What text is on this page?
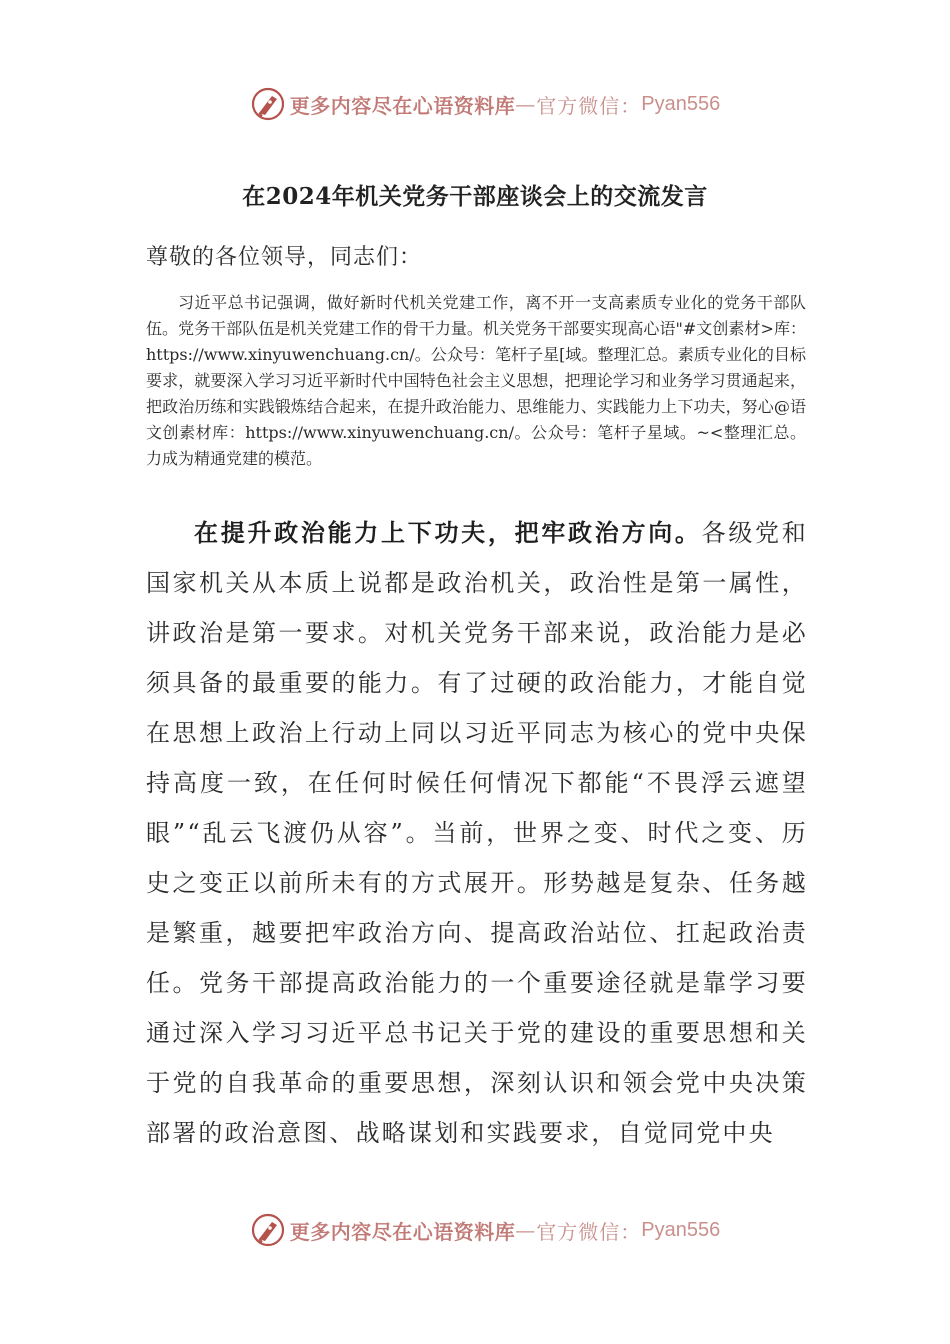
更多内容尽在心语资料库 — 官方微信： Pyan556
在2024年机关党务干部座谈会上的交流发言
尊敬的各位领导，同志们：

习近平总书记强调，做好新时代机关党建工作，离不开一支高素质专业化的党务干部队伍。党务干部队伍是机关党建工作的骨干力量。机关党务干部要实现高心语"#文创素材>库：https://www.xinyuwenchuang.cn/。公众号：笔杆子星[域。整理汇总。素质专业化的目标要求，就要深入学习习近平新时代中国特色社会主义思想，把理论学习和业务学习贯通起来，把政治历练和实践锻炼结合起来，在提升政治能力、思维能力、实践能力上下功夫，努心@语文创素材库：https://www.xinyuwenchuang.cn/。公众号：笔杆子星域。~<整理汇总。力成为精通党建的模范。

在提升政治能力上下功夫，把牢政治方向。各级党和国家机关从本质上说都是政治机关，政治性是第一属性，讲政治是第一要求。对机关党务干部来说，政治能力是必须具备的最重要的能力。有了过硬的政治能力，才能自觉在思想上政治上行动上同以习近平同志为核心的党中央保持高度一致，在任何时候任何情况下都能“不畏浮云遮望眼”“乱云飞渡仍从容”。当前，世界之变、时代之变、历史之变正以前所未有的方式展开。形势越是复杂、任务越是繁重，越要把牢政治方向、提高政治站位、扛起政治责任。党务干部提高政治能力的一个重要途径就是靠学习要通过深入学习习近平总书记关于党的建设的重要思想和关于党的自我革命的重要思想，深刻认识和领会党中央决策部署的政治意图、战略谋划和实践要求，自觉同党中央

更多内容尽在心语资料库 — 官方微信： Pyan556
